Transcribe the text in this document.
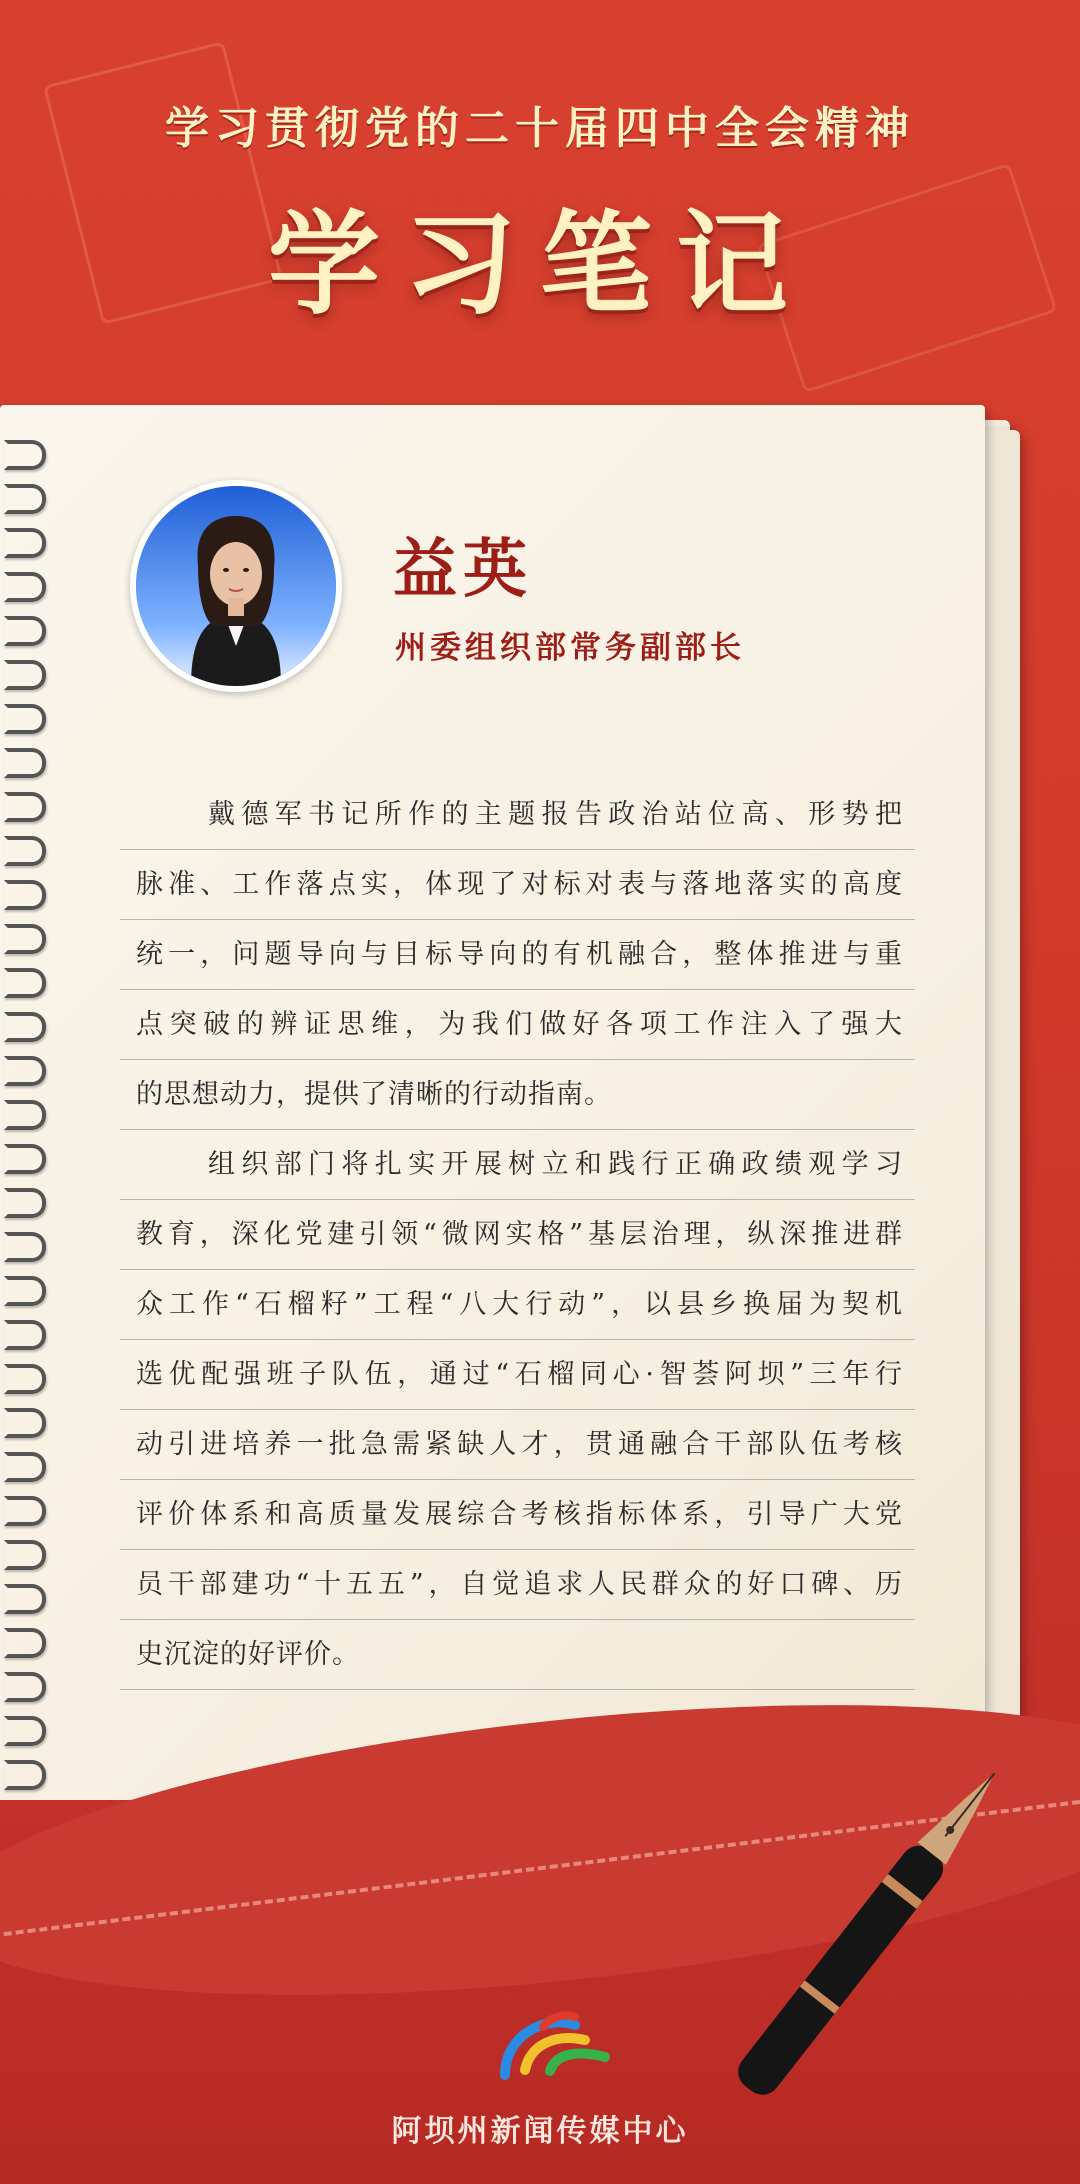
学习贯彻党的二十届四中全会精神
学习笔记
益英
州委组织部常务副部长
戴德军书记所作的主题报告政治站位高、形势把
脉准、工作落点实，体现了对标对表与落地落实的高度
统一，问题导向与目标导向的有机融合，整体推进与重
点突破的辨证思维，为我们做好各项工作注入了强大
的思想动力，提供了清晰的行动指南。
组织部门将扎实开展树立和践行正确政绩观学习
教育，深化党建引领“微网实格”基层治理，纵深推进群
众工作“石榴籽”工程“八大行动”，以县乡换届为契机
选优配强班子队伍，通过“石榴同心·智荟阿坝”三年行
动引进培养一批急需紧缺人才，贯通融合干部队伍考核
评价体系和高质量发展综合考核指标体系，引导广大党
员干部建功“十五五”，自觉追求人民群众的好口碑、历
史沉淀的好评价。
阿坝州新闻传媒中心
